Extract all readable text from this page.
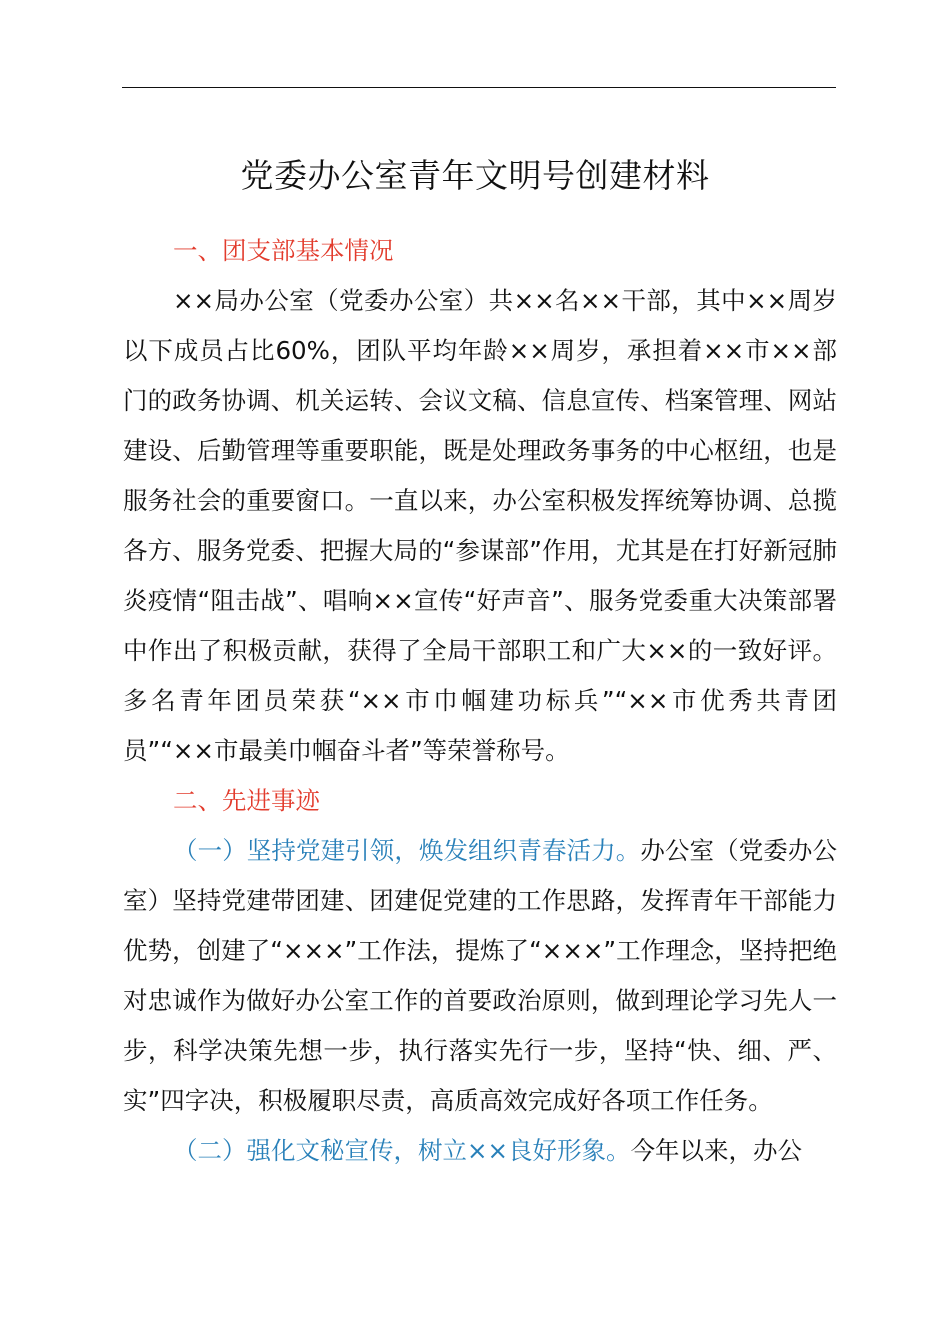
党委办公室青年文明号创建材料

一、团支部基本情况

××局办公室（党委办公室）共××名××干部，其中××周岁以下成员占比60%，团队平均年龄××周岁，承担着××市××部门的政务协调、机关运转、会议文稿、信息宣传、档案管理、网站建设、后勤管理等重要职能，既是处理政务事务的中心枢纽，也是服务社会的重要窗口。一直以来，办公室积极发挥统筹协调、总揽各方、服务党委、把握大局的“参谋部”作用，尤其是在打好新冠肺炎疫情“阻击战”、唱响××宣传“好声音”、服务党委重大决策部署中作出了积极贡献，获得了全局干部职工和广大××的一致好评。多名青年团员荣获“××市巾帼建功标兵”“××市优秀共青团员”“××市最美巾帼奋斗者”等荣誉称号。

二、先进事迹

（一）坚持党建引领，焕发组织青春活力。办公室（党委办公室）坚持党建带团建、团建促党建的工作思路，发挥青年干部能力优势，创建了“×××”工作法，提炼了“×××”工作理念，坚持把绝对忠诚作为做好办公室工作的首要政治原则，做到理论学习先人一步，科学决策先想一步，执行落实先行一步，坚持“快、细、严、实”四字决，积极履职尽责，高质高效完成好各项工作任务。

（二）强化文秘宣传，树立××良好形象。今年以来，办公
